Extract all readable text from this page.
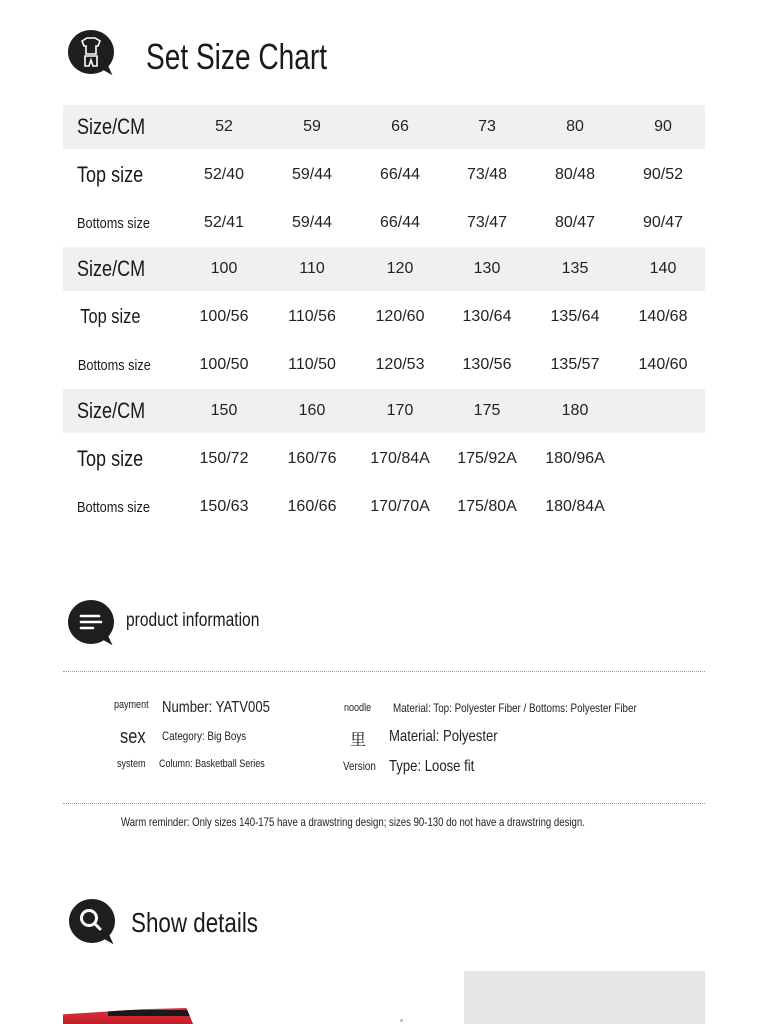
Set Size Chart
Size/CM	52	59	66	73	80	90
Top size	52/40	59/44	66/44	73/48	80/48	90/52
Bottoms size	52/41	59/44	66/44	73/47	80/47	90/47
Size/CM	100	110	120	130	135	140
Top size	100/56	110/56	120/60	130/64	135/64	140/68
Bottoms size	100/50	110/50	120/53	130/56	135/57	140/60
Size/CM	150	160	170	175	180
Top size	150/72	160/76	170/84A	175/92A	180/96A
Bottoms size	150/63	160/66	170/70A	175/80A	180/84A
product information
payment Number: YATV005
sex	Category: Big Boys
system	Column: Basketball Series
noodle	Material: Top: Polyester Fiber / Bottoms: Polyester Fiber
里 Material: Polyester
Version Type: Loose fit
Warm reminder: Only sizes 140-175 have a drawstring design; sizes 90-130 do not have a drawstring design.
Show details
